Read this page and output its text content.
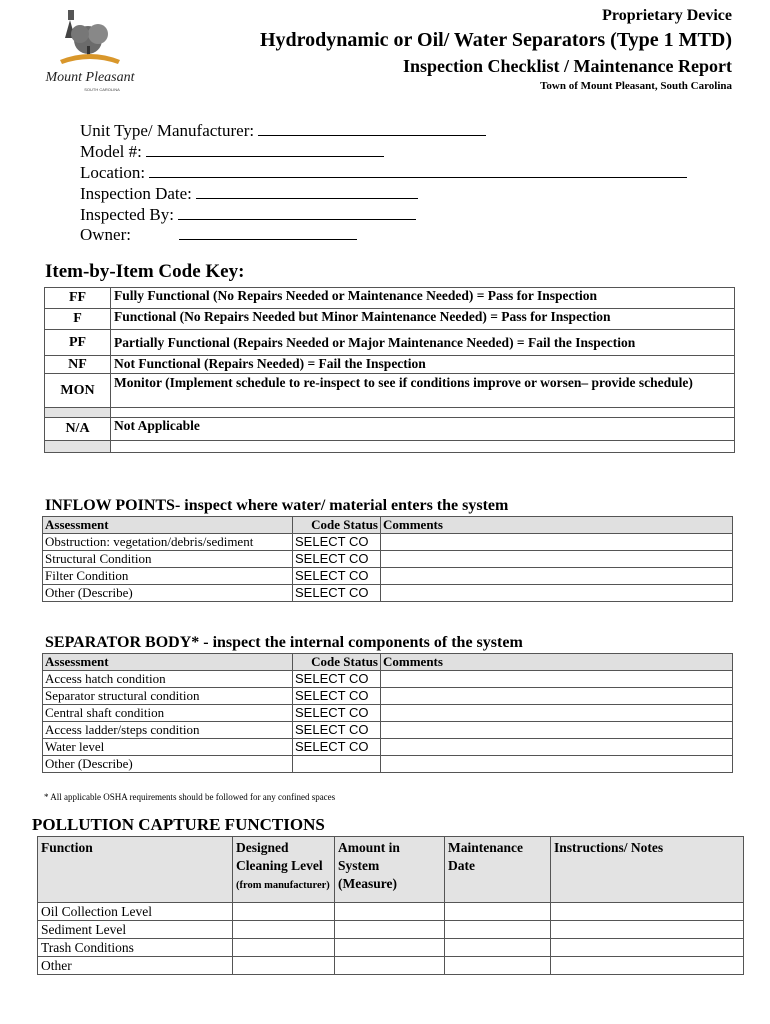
Mount Pleasant
SOUTH CAROLINA
Proprietary Device
Hydrodynamic or Oil/ Water Separators (Type 1 MTD)
Inspection Checklist / Maintenance Report
Town of Mount Pleasant, South Carolina
Unit Type/ Manufacturer:
Model #:
Location:
Inspection Date:
Inspected By:
Owner:
Item-by-Item Code Key:
FF	Fully Functional (No Repairs Needed or Maintenance Needed) = Pass for Inspection
F	Functional (No Repairs Needed but Minor Maintenance Needed) = Pass for Inspection
PF	Partially Functional (Repairs Needed or Major Maintenance Needed) = Fail the Inspection
NF	Not Functional (Repairs Needed) = Fail the Inspection
MON	Monitor (Implement schedule to re-inspect to see if conditions improve or worsen– provide schedule)

N/A	Not Applicable

INFLOW POINTS- inspect where water/ material enters the system
Assessment	Code Status	Comments
Obstruction: vegetation/debris/sediment	SELECT CO	
Structural Condition	SELECT CO	
Filter Condition	SELECT CO	
Other (Describe)	SELECT CO	
SEPARATOR BODY* - inspect the internal components of the system
Assessment	Code Status	Comments
Access hatch condition	SELECT CO	
Separator structural condition	SELECT CO	
Central shaft condition	SELECT CO	
Access ladder/steps condition	SELECT CO	
Water level	SELECT CO	
Other (Describe)		
* All applicable OSHA requirements should be followed for any confined spaces
POLLUTION CAPTURE FUNCTIONS
Function	Designed Cleaning Level (from manufacturer)	Amount in System (Measure)	Maintenance Date	Instructions/ Notes
Oil Collection Level				
Sediment Level				
Trash Conditions				
Other				
